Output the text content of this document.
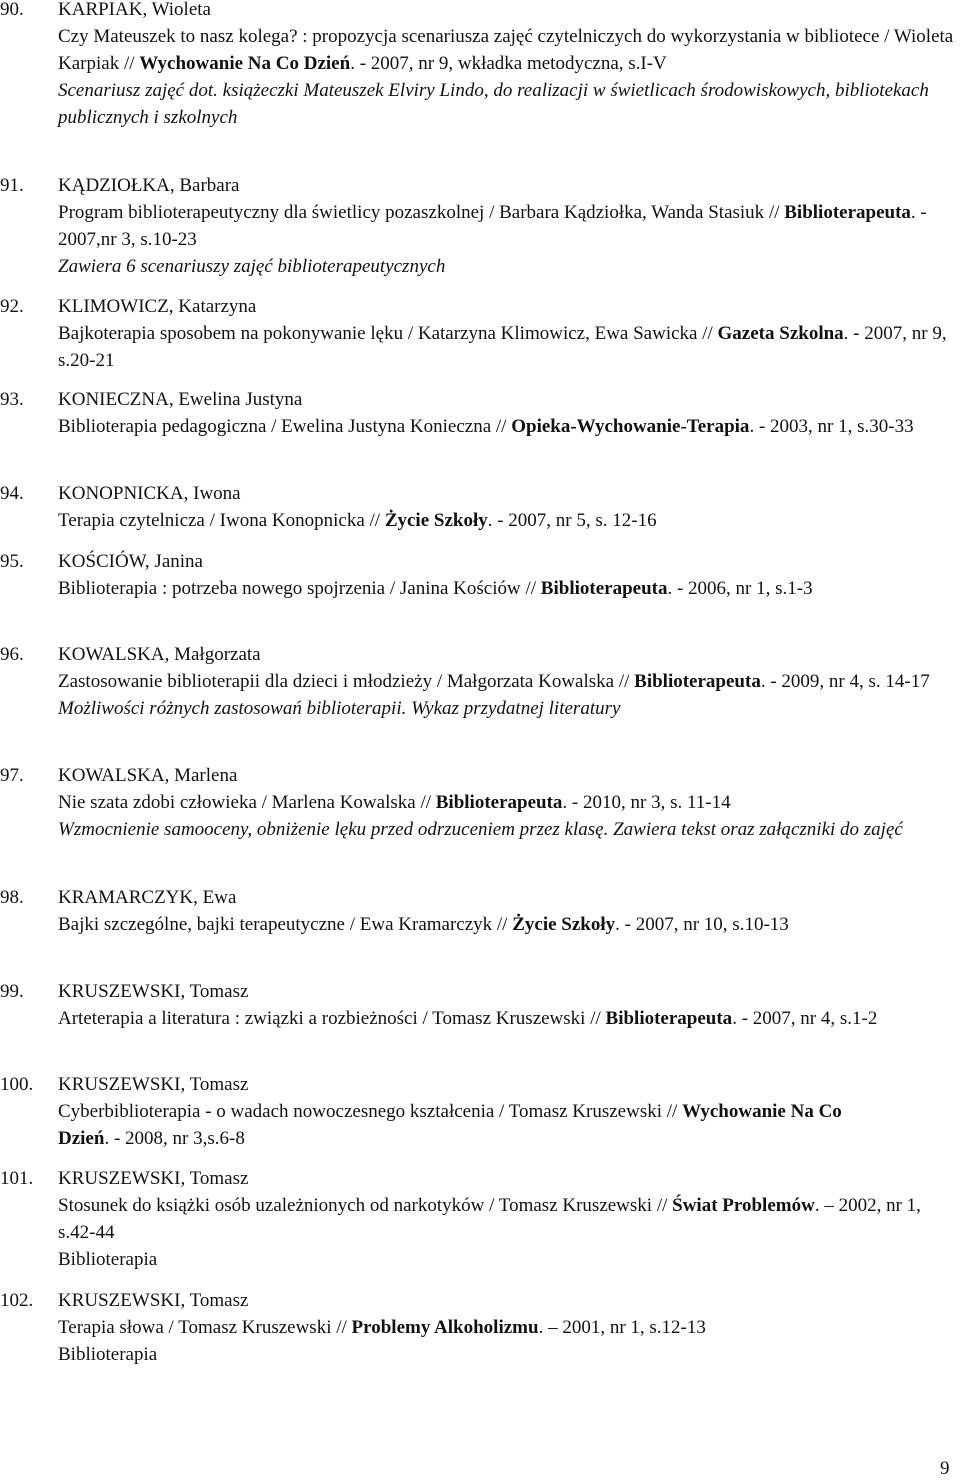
90. KARPIAK, Wioleta
Czy Mateuszek to nasz kolega? : propozycja scenariusza zajęć czytelniczych do wykorzystania w bibliotece / Wioleta Karpiak // Wychowanie Na Co Dzień. - 2007, nr 9, wkładka metodyczna, s.I-V
Scenariusz zajęć dot. książeczki Mateuszek Elviry Lindo, do realizacji w świetlicach środowiskowych, bibliotekach publicznych i szkolnych
91. KĄDZIOŁKA, Barbara
Program biblioterapeutyczny dla świetlicy pozaszkolnej / Barbara Kądziołka, Wanda Stasiuk // Biblioterapeuta. - 2007,nr 3, s.10-23
Zawiera 6 scenariuszy zajęć biblioterapeutycznych
92. KLIMOWICZ, Katarzyna
Bajkoterapia sposobem na pokonywanie lęku / Katarzyna Klimowicz, Ewa Sawicka // Gazeta Szkolna. - 2007, nr 9, s.20-21
93. KONIECZNA, Ewelina Justyna
Biblioterapia pedagogiczna / Ewelina Justyna Konieczna // Opieka-Wychowanie-Terapia. - 2003, nr 1, s.30-33
94. KONOPNICKA, Iwona
Terapia czytelnicza / Iwona Konopnicka // Życie Szkoły. - 2007, nr 5, s. 12-16
95. KOŚCIÓW, Janina
Biblioterapia : potrzeba nowego spojrzenia / Janina Kościów // Biblioterapeuta. - 2006, nr 1, s.1-3
96. KOWALSKA, Małgorzata
Zastosowanie biblioterapii dla dzieci i młodzieży / Małgorzata Kowalska // Biblioterapeuta. - 2009, nr 4, s. 14-17
Możliwości różnych zastosowań biblioterapii. Wykaz przydatnej literatury
97. KOWALSKA, Marlena
Nie szata zdobi człowieka / Marlena Kowalska // Biblioterapeuta. - 2010, nr 3, s. 11-14
Wzmocnienie samooceny, obniżenie lęku przed odrzuceniem przez klasę. Zawiera tekst oraz załączniki do zajęć
98. KRAMARCZYK, Ewa
Bajki szczególne, bajki terapeutyczne / Ewa Kramarczyk // Życie Szkoły. - 2007, nr 10, s.10-13
99. KRUSZEWSKI, Tomasz
Arteterapia a literatura : związki a rozbieżności / Tomasz Kruszewski // Biblioterapeuta. - 2007, nr 4, s.1-2
100. KRUSZEWSKI, Tomasz
Cyberbiblioterapia - o wadach nowoczesnego kształcenia / Tomasz Kruszewski // Wychowanie Na Co Dzień. - 2008, nr 3,s.6-8
101. KRUSZEWSKI, Tomasz
Stosunek do książki osób uzależnionych od narkotyków / Tomasz Kruszewski // Świat Problemów. – 2002, nr 1, s.42-44
Biblioterapia
102. KRUSZEWSKI, Tomasz
Terapia słowa / Tomasz Kruszewski // Problemy Alkoholizmu. – 2001, nr 1, s.12-13
Biblioterapia
9
